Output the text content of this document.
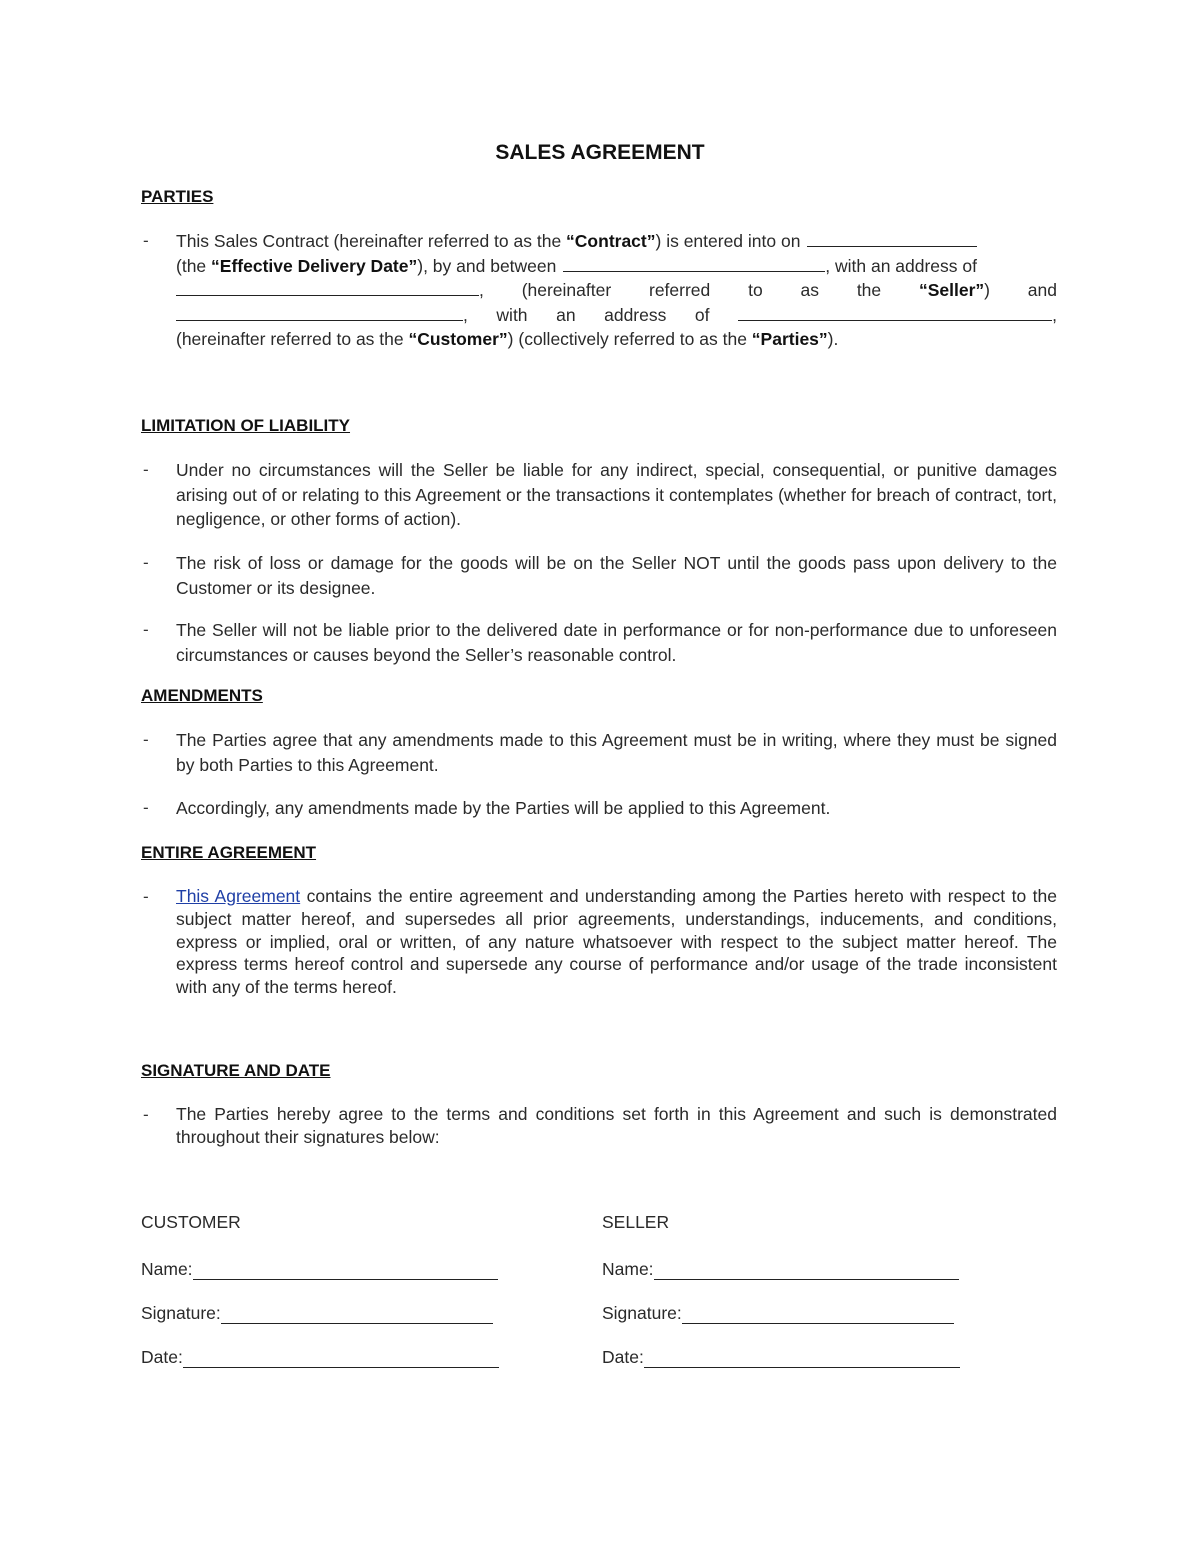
SALES AGREEMENT
PARTIES
- This Sales Contract (hereinafter referred to as the “Contract”) is entered into on
(the “Effective Delivery Date”), by and between	, with an address of
, (hereinafter referred to as the “Seller”) and
, with an address of	,
(hereinafter referred to as the “Customer”) (collectively referred to as the “Parties”).
LIMITATION OF LIABILITY
- Under no circumstances will the Seller be liable for any indirect, special, consequential, or punitive damages arising out of or relating to this Agreement or the transactions it contemplates (whether for breach of contract, tort, negligence, or other forms of action).
- The risk of loss or damage for the goods will be on the Seller NOT until the goods pass upon delivery to the Customer or its designee.
- The Seller will not be liable prior to the delivered date in performance or for non-performance due to unforeseen circumstances or causes beyond the Seller’s reasonable control.
AMENDMENTS
- The Parties agree that any amendments made to this Agreement must be in writing, where they must be signed by both Parties to this Agreement.
- Accordingly, any amendments made by the Parties will be applied to this Agreement.
ENTIRE AGREEMENT
- This Agreement contains the entire agreement and understanding among the Parties hereto with respect to the subject matter hereof, and supersedes all prior agreements, understandings, inducements, and conditions, express or implied, oral or written, of any nature whatsoever with respect to the subject matter hereof. The express terms hereof control and supersede any course of performance and/or usage of the trade inconsistent with any of the terms hereof.
SIGNATURE AND DATE
- The Parties hereby agree to the terms and conditions set forth in this Agreement and such is demonstrated throughout their signatures below:
CUSTOMER
Name:
Signature:
Date:
SELLER
Name:
Signature:
Date:
